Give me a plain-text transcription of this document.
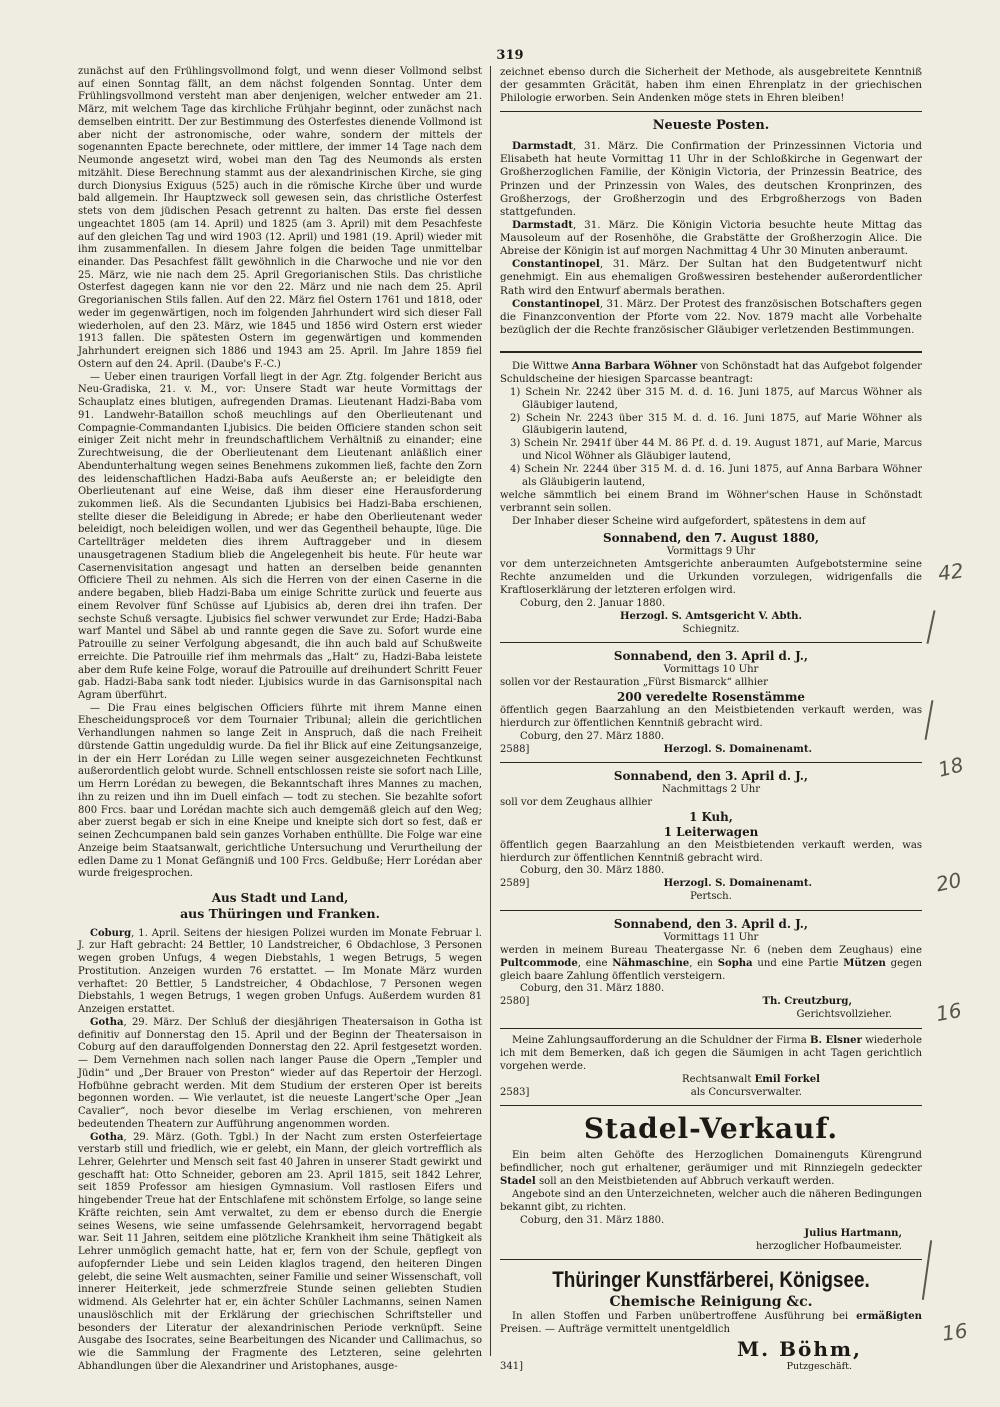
319

zunächst auf den Frühlingsvollmond folgt, und wenn dieser Vollmond selbst auf einen Sonntag fällt, an dem nächst folgenden Sonntag. Unter dem Frühlingsvollmond versteht man aber denjenigen, welcher entweder am 21. März, mit welchem Tage das kirchliche Frühjahr beginnt, oder zunächst nach demselben eintritt. Der zur Bestimmung des Osterfestes dienende Vollmond ist aber nicht der astronomische, oder wahre, sondern der mittels der sogenannten Epacte berechnete, oder mittlere, der immer 14 Tage nach dem Neumonde angesetzt wird, wobei man den Tag des Neumonds als ersten mitzählt. Diese Berechnung stammt aus der alexandrinischen Kirche, sie ging durch Dionysius Exiguus (525) auch in die römische Kirche über und wurde bald allgemein. Ihr Hauptzweck soll gewesen sein, das christliche Osterfest stets von dem jüdischen Pesach getrennt zu halten. Das erste fiel dessen ungeachtet 1805 (am 14. April) und 1825 (am 3. April) mit dem Pesachfeste auf den gleichen Tag und wird 1903 (12. April) und 1981 (19. April) wieder mit ihm zusammenfallen. In diesem Jahre folgen die beiden Tage unmittelbar einander. Das Pesachfest fällt gewöhnlich in die Charwoche und nie vor den 25. März, wie nie nach dem 25. April Gregorianischen Stils. Das christliche Osterfest dagegen kann nie vor den 22. März und nie nach dem 25. April Gregorianischen Stils fallen. Auf den 22. März fiel Ostern 1761 und 1818, oder weder im gegenwärtigen, noch im folgenden Jahrhundert wird sich dieser Fall wiederholen, auf den 23. März, wie 1845 und 1856 wird Ostern erst wieder 1913 fallen. Die spätesten Ostern im gegenwärtigen und kommenden Jahrhundert ereignen sich 1886 und 1943 am 25. April. Im Jahre 1859 fiel Ostern auf den 24. April. (Daube's F.-C.)

— Ueber einen traurigen Vorfall liegt in der Agr. Ztg. folgender Bericht aus Neu-Gradiska, 21. v. M., vor: Unsere Stadt war heute Vormittags der Schauplatz eines blutigen, aufregenden Dramas. Lieutenant Hadzi-Baba vom 91. Landwehr-Bataillon schoß meuchlings auf den Oberlieutenant und Compagnie-Commandanten Ljubisics. Die beiden Officiere standen schon seit einiger Zeit nicht mehr in freundschaftlichem Verhältniß zu einander; eine Zurechtweisung, die der Oberlieutenant dem Lieutenant anläßlich einer Abendunterhaltung wegen seines Benehmens zukommen ließ, fachte den Zorn des leidenschaftlichen Hadzi-Baba aufs Aeußerste an; er beleidigte den Oberlieutenant auf eine Weise, daß ihm dieser eine Herausforderung zukommen ließ. Als die Secundanten Ljubisics bei Hadzi-Baba erschienen, stellte dieser die Beleidigung in Abrede; er habe den Oberlieutenant weder beleidigt, noch beleidigen wollen, und wer das Gegentheil behaupte, lüge. Die Cartellträger meldeten dies ihrem Auftraggeber und in diesem unausgetragenen Stadium blieb die Angelegenheit bis heute. Für heute war Casernenvisitation angesagt und hatten an derselben beide genannten Officiere Theil zu nehmen. Als sich die Herren von der einen Caserne in die andere begaben, blieb Hadzi-Baba um einige Schritte zurück und feuerte aus einem Revolver fünf Schüsse auf Ljubisics ab, deren drei ihn trafen. Der sechste Schuß versagte. Ljubisics fiel schwer verwundet zur Erde; Hadzi-Baba warf Mantel und Säbel ab und rannte gegen die Save zu. Sofort wurde eine Patrouille zu seiner Verfolgung abgesandt, die ihn auch bald auf Schußweite erreichte. Die Patrouille rief ihm mehrmals das „Halt“ zu, Hadzi-Baba leistete aber dem Rufe keine Folge, worauf die Patrouille auf dreihundert Schritt Feuer gab. Hadzi-Baba sank todt nieder. Ljubisics wurde in das Garnisonspital nach Agram überführt.

— Die Frau eines belgischen Officiers führte mit ihrem Manne einen Ehescheidungsproceß vor dem Tournaier Tribunal; allein die gerichtlichen Verhandlungen nahmen so lange Zeit in Anspruch, daß die nach Freiheit dürstende Gattin ungeduldig wurde. Da fiel ihr Blick auf eine Zeitungsanzeige, in der ein Herr Lorédan zu Lille wegen seiner ausgezeichneten Fechtkunst außerordentlich gelobt wurde. Schnell entschlossen reiste sie sofort nach Lille, um Herrn Lorédan zu bewegen, die Bekanntschaft ihres Mannes zu machen, ihn zu reizen und ihn im Duell einfach — todt zu stechen. Sie bezahlte sofort 800 Frcs. baar und Lorédan machte sich auch demgemäß gleich auf den Weg; aber zuerst begab er sich in eine Kneipe und kneipte sich dort so fest, daß er seinen Zechcumpanen bald sein ganzes Vorhaben enthüllte. Die Folge war eine Anzeige beim Staatsanwalt, gerichtliche Untersuchung und Verurtheilung der edlen Dame zu 1 Monat Gefängniß und 100 Frcs. Geldbuße; Herr Lorédan aber wurde freigesprochen.

Aus Stadt und Land,
aus Thüringen und Franken.

Coburg, 1. April. Seitens der hiesigen Polizei wurden im Monate Februar l. J. zur Haft gebracht: 24 Bettler, 10 Landstreicher, 6 Obdachlose, 3 Personen wegen groben Unfugs, 4 wegen Diebstahls, 1 wegen Betrugs, 5 wegen Prostitution. Anzeigen wurden 76 erstattet. — Im Monate März wurden verhaftet: 20 Bettler, 5 Landstreicher, 4 Obdachlose, 7 Personen wegen Diebstahls, 1 wegen Betrugs, 1 wegen groben Unfugs. Außerdem wurden 81 Anzeigen erstattet.

Gotha, 29. März. Der Schluß der diesjährigen Theatersaison in Gotha ist definitiv auf Donnerstag den 15. April und der Beginn der Theatersaison in Coburg auf den darauffolgenden Donnerstag den 22. April festgesetzt worden. — Dem Vernehmen nach sollen nach langer Pause die Opern „Templer und Jüdin“ und „Der Brauer von Preston“ wieder auf das Repertoir der Herzogl. Hofbühne gebracht werden. Mit dem Studium der ersteren Oper ist bereits begonnen worden. — Wie verlautet, ist die neueste Langert'sche Oper „Jean Cavalier“, noch bevor dieselbe im Verlag erschienen, von mehreren bedeutenden Theatern zur Aufführung angenommen worden.

Gotha, 29. März. (Goth. Tgbl.) In der Nacht zum ersten Osterfeiertage verstarb still und friedlich, wie er gelebt, ein Mann, der gleich vortrefflich als Lehrer, Gelehrter und Mensch seit fast 40 Jahren in unserer Stadt gewirkt und geschafft hat: Otto Schneider, geboren am 23. April 1815, seit 1842 Lehrer, seit 1859 Professor am hiesigen Gymnasium. Voll rastlosen Eifers und hingebender Treue hat der Entschlafene mit schönstem Erfolge, so lange seine Kräfte reichten, sein Amt verwaltet, zu dem er ebenso durch die Energie seines Wesens, wie seine umfassende Gelehrsamkeit, hervorragend begabt war. Seit 11 Jahren, seitdem eine plötzliche Krankheit ihm seine Thätigkeit als Lehrer unmöglich gemacht hatte, hat er, fern von der Schule, gepflegt von aufopfernder Liebe und sein Leiden klaglos tragend, den heiteren Dingen gelebt, die seine Welt ausmachten, seiner Familie und seiner Wissenschaft, voll innerer Heiterkeit, jede schmerzfreie Stunde seinen geliebten Studien widmend. Als Gelehrter hat er, ein ächter Schüler Lachmanns, seinen Namen unauslöschlich mit der Erklärung der griechischen Schriftsteller und besonders der Literatur der alexandrinischen Periode verknüpft. Seine Ausgabe des Isocrates, seine Bearbeitungen des Nicander und Callimachus, so wie die Sammlung der Fragmente des Letzteren, seine gelehrten Abhandlungen über die Alexandriner und Aristophanes, ausge-

zeichnet ebenso durch die Sicherheit der Methode, als ausgebreitete Kenntniß der gesammten Gräcität, haben ihm einen Ehrenplatz in der griechischen Philologie erworben. Sein Andenken möge stets in Ehren bleiben!

Neueste Posten.

Darmstadt, 31. März. Die Confirmation der Prinzessinnen Victoria und Elisabeth hat heute Vormittag 11 Uhr in der Schloßkirche in Gegenwart der Großherzoglichen Familie, der Königin Victoria, der Prinzessin Beatrice, des Prinzen und der Prinzessin von Wales, des deutschen Kronprinzen, des Großherzogs, der Großherzogin und des Erbgroßherzogs von Baden stattgefunden.

Darmstadt, 31. März. Die Königin Victoria besuchte heute Mittag das Mausoleum auf der Rosenhöhe, die Grabstätte der Großherzogin Alice. Die Abreise der Königin ist auf morgen Nachmittag 4 Uhr 30 Minuten anberaumt.

Constantinopel, 31. März. Der Sultan hat den Budgetentwurf nicht genehmigt. Ein aus ehemaligen Großwessiren bestehender außerordentlicher Rath wird den Entwurf abermals berathen.

Constantinopel, 31. März. Der Protest des französischen Botschafters gegen die Finanzconvention der Pforte vom 22. Nov. 1879 macht alle Vorbehalte bezüglich der die Rechte französischer Gläubiger verletzenden Bestimmungen.

Die Wittwe Anna Barbara Wöhner von Schönstadt hat das Aufgebot folgender Schuldscheine der hiesigen Sparcasse beantragt:

1) Schein Nr. 2242 über 315 M. d. d. 16. Juni 1875, auf Marcus Wöhner als Gläubiger lautend,

2) Schein Nr. 2243 über 315 M. d. d. 16. Juni 1875, auf Marie Wöhner als Gläubigerin lautend,

3) Schein Nr. 2941f über 44 M. 86 Pf. d. d. 19. August 1871, auf Marie, Marcus und Nicol Wöhner als Gläubiger lautend,

4) Schein Nr. 2244 über 315 M. d. d. 16. Juni 1875, auf Anna Barbara Wöhner als Gläubigerin lautend,

welche sämmtlich bei einem Brand im Wöhner'schen Hause in Schönstadt verbrannt sein sollen.

Der Inhaber dieser Scheine wird aufgefordert, spätestens in dem auf

Sonnabend, den 7. August 1880,

Vormittags 9 Uhr

vor dem unterzeichneten Amtsgerichte anberaumten Aufgebotstermine seine Rechte anzumelden und die Urkunden vorzulegen, widrigenfalls die Kraftloserklärung der letzteren erfolgen wird.

Coburg, den 2. Januar 1880.

Herzogl. S. Amtsgericht V. Abth.

Schiegnitz.

Sonnabend, den 3. April d. J.,

Vormittags 10 Uhr

sollen vor der Restauration „Fürst Bismarck“ allhier

200 veredelte Rosenstämme

öffentlich gegen Baarzahlung an den Meistbietenden verkauft werden, was hierdurch zur öffentlichen Kenntniß gebracht wird.

Coburg, den 27. März 1880.

2588]	Herzogl. S. Domainenamt.

Sonnabend, den 3. April d. J.,

Nachmittags 2 Uhr

soll vor dem Zeughaus allhier

1 Kuh,
1 Leiterwagen

öffentlich gegen Baarzahlung an den Meistbietenden verkauft werden, was hierdurch zur öffentlichen Kenntniß gebracht wird.

Coburg, den 30. März 1880.

2589]	Herzogl. S. Domainenamt.

Pertsch.

Sonnabend, den 3. April d. J.,

Vormittags 11 Uhr

werden in meinem Bureau Theatergasse Nr. 6 (neben dem Zeughaus) eine Pultcommode, eine Nähmaschine, ein Sopha und eine Partie Mützen gegen gleich baare Zahlung öffentlich versteigern.

Coburg, den 31. März 1880.

2580]	Th. Creutzburg,

Gerichtsvollzieher.

Meine Zahlungsaufforderung an die Schuldner der Firma B. Elsner wiederhole ich mit dem Bemerken, daß ich gegen die Säumigen in acht Tagen gerichtlich vorgehen werde.

Rechtsanwalt Emil Forkel

2583]	als Concursverwalter.

Stadel-Verkauf.

Ein beim alten Gehöfte des Herzoglichen Domainenguts Kürengrund befindlicher, noch gut erhaltener, geräumiger und mit Rinnziegeln gedeckter Stadel soll an den Meistbietenden auf Abbruch verkauft werden.

Angebote sind an den Unterzeichneten, welcher auch die näheren Bedingungen bekannt gibt, zu richten.

Coburg, den 31. März 1880.

Julius Hartmann,

herzoglicher Hofbaumeister.

Thüringer Kunstfärberei, Königsee.
Chemische Reinigung &c.

In allen Stoffen und Farben unübertroffene Ausführung bei ermäßigten Preisen. — Aufträge vermittelt unentgeldlich

M. Böhm,

341]	Putzgeschäft.

42
18
20
16
16
